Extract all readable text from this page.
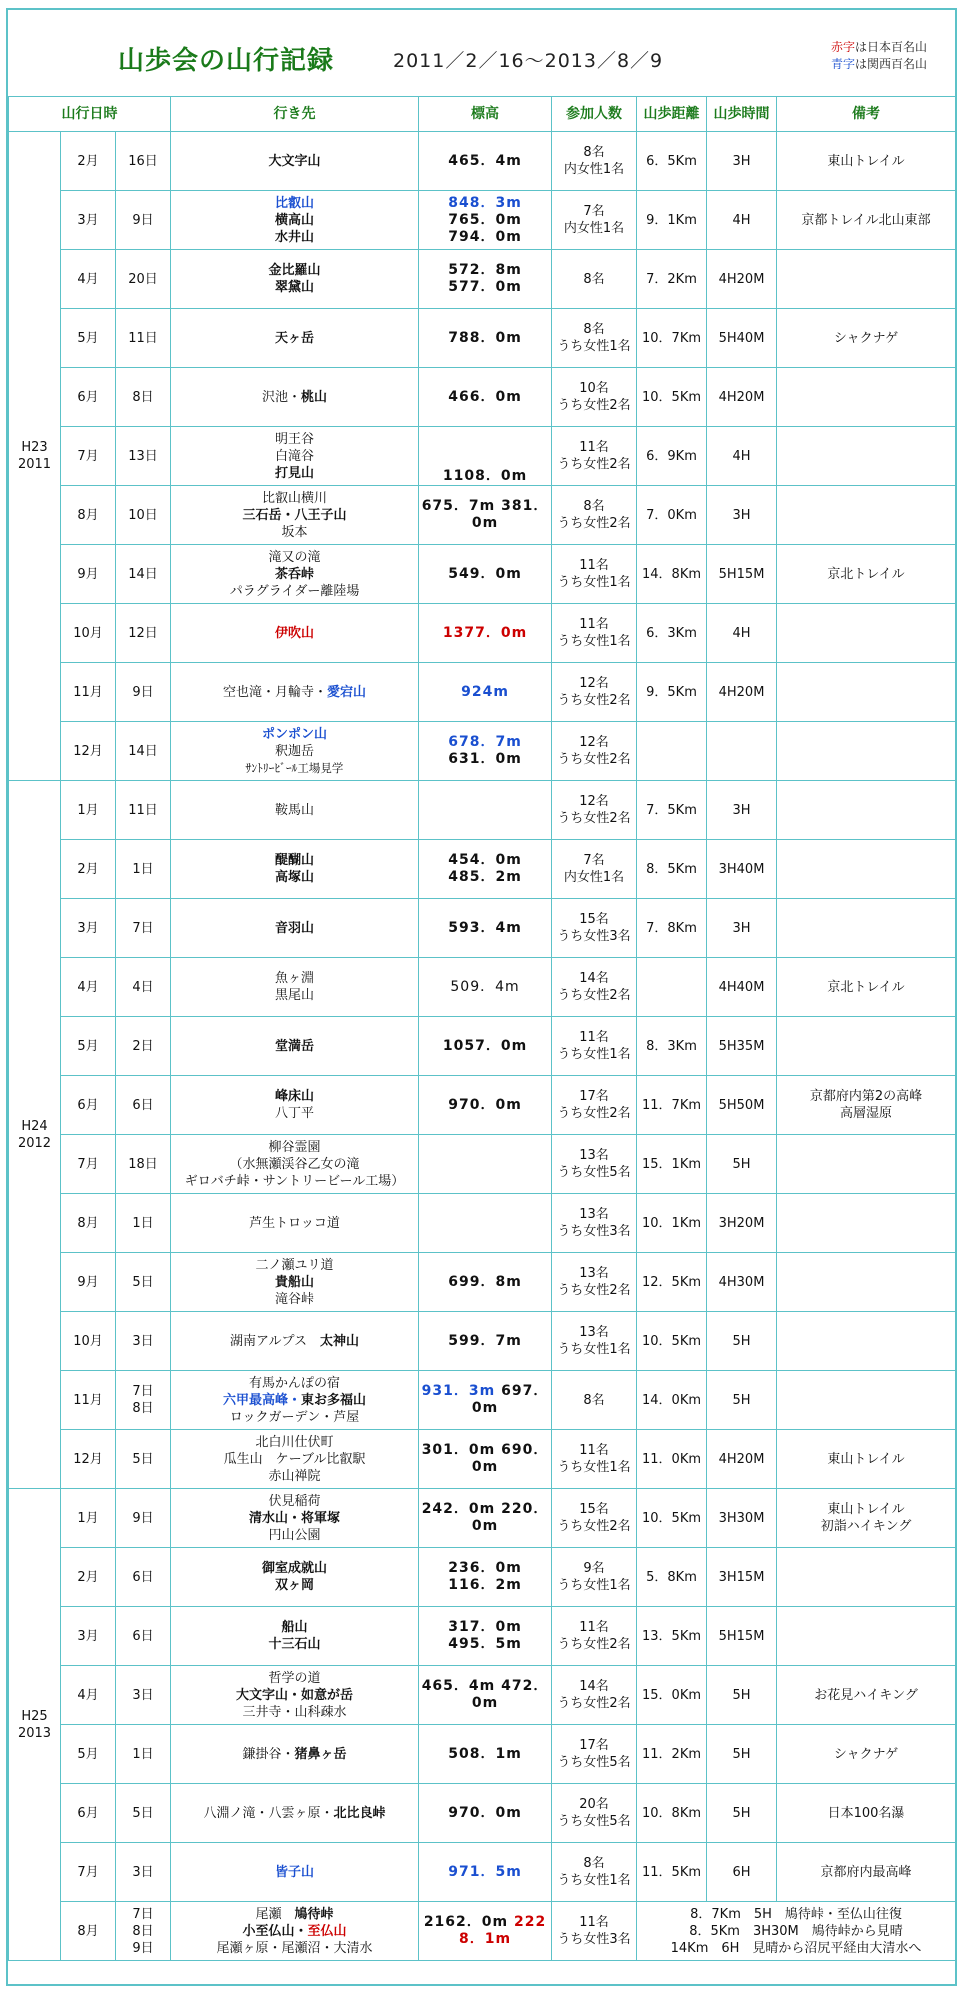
山歩会の山行記録	2011／2／16～2013／8／9
赤字は日本百名山
青字は関西百名山
山行日時			行き先	標高	参加人数	山歩距離	山歩時間	備考

H23
2011	2月	16日	大文字山	465．4m	8名
内女性1名	6．5Km	3H	東山トレイル

	3月	9日	比叡山
横高山
水井山	848．3m
765．0m
794．0m	7名
内女性1名	9．1Km	4H	京都トレイル北山東部

	4月	20日	金比羅山
翠黛山	572．8m
577．0m	8名	7．2Km	4H20M	
	5月	11日	天ヶ岳	788．0m	8名
うち女性1名	10．7Km	5H40M	シャクナゲ

	6月	8日	沢池・桃山	466．0m	10名
うち女性2名	10．5Km	4H20M	
	7月	13日	明王谷
白滝谷
打見山	1108．0m	11名
うち女性2名	6．9Km	4H	
	8月	10日	比叡山横川
三石岳・八王子山
坂本	675．7m 381．
0m	8名
うち女性2名	7．0Km	3H	
	9月	14日	滝又の滝
茶呑峠
パラグライダー離陸場	549．0m	11名
うち女性1名	14．8Km	5H15M	京北トレイル

	10月	12日	伊吹山	1377．0m	11名
うち女性1名	6．3Km	4H	
	11月	9日	空也滝・月輪寺・愛宕山	924m	12名
うち女性2名	9．5Km	4H20M	
	12月	14日	ポンポン山
釈迦岳
ｻﾝﾄﾘｰﾋﾞｰﾙ工場見学	678．7m
631．0m	12名
うち女性2名			

H24
2012	1月	11日	鞍馬山		12名
うち女性2名	7．5Km	3H	
	2月	1日	醍醐山
高塚山	454．0m
485．2m	7名
内女性1名	8．5Km	3H40M	
	3月	7日	音羽山	593．4m	15名
うち女性3名	7．8Km	3H	
	4月	4日	魚ヶ淵
黒尾山	509．4m	14名
うち女性2名		4H40M	京北トレイル

	5月	2日	堂満岳	1057．0m	11名
うち女性1名	8．3Km	5H35M	
	6月	6日	峰床山
八丁平	970．0m	17名
うち女性2名	11．7Km	5H50M	京都府内第2の高峰
高層湿原

	7月	18日	柳谷霊園
（水無瀬渓谷乙女の滝
ギロバチ峠・サントリービール工場）		13名
うち女性5名	15．1Km	5H	
	8月	1日	芦生トロッコ道		13名
うち女性3名	10．1Km	3H20M	
	9月	5日	二ノ瀬ユリ道
貴船山
滝谷峠	699．8m	13名
うち女性2名	12．5Km	4H30M	
	10月	3日	湖南アルプス　太神山	599．7m	13名
うち女性1名	10．5Km	5H	
	11月	7日
8日	有馬かんぽの宿
六甲最高峰・東お多福山
ロックガーデン・芦屋	931．3m 697．
0m	8名	14．0Km	5H	
	12月	5日	北白川仕伏町
瓜生山　ケーブル比叡駅
赤山禅院	301．0m 690．
0m	11名
うち女性1名	11．0Km	4H20M	東山トレイル

H25
2013	1月	9日	伏見稲荷
清水山・将軍塚
円山公園	242．0m 220．
0m	15名
うち女性2名	10．5Km	3H30M	東山トレイル
初詣ハイキング

	2月	6日	御室成就山
双ヶ岡	236．0m
116．2m	9名
うち女性1名	5．8Km	3H15M	
	3月	6日	船山
十三石山	317．0m
495．5m	11名
うち女性2名	13．5Km	5H15M	
	4月	3日	哲学の道
大文字山・如意が岳
三井寺・山科疎水	465．4m 472．
0m	14名
うち女性2名	15．0Km	5H	お花見ハイキング

	5月	1日	鎌掛谷・猪鼻ヶ岳	508．1m	17名
うち女性5名	11．2Km	5H	シャクナゲ

	6月	5日	八淵ノ滝・八雲ヶ原・北比良峠	970．0m	20名
うち女性5名	10．8Km	5H	日本100名瀑

	7月	3日	皆子山	971．5m	8名
うち女性1名	11．5Km	6H	京都府内最高峰

	8月	7日
8日
9日	尾瀬　鳩待峠
小至仏山・至仏山
尾瀬ヶ原・尾瀬沼・大清水	2162．0m 222
8．1m	11名
うち女性3名	8．7Km　5H　鳩待峠・至仏山往復
8．5Km　3H30M　鳩待峠から見晴
14Km　6H　見晴から沼尻平経由大清水へ		
